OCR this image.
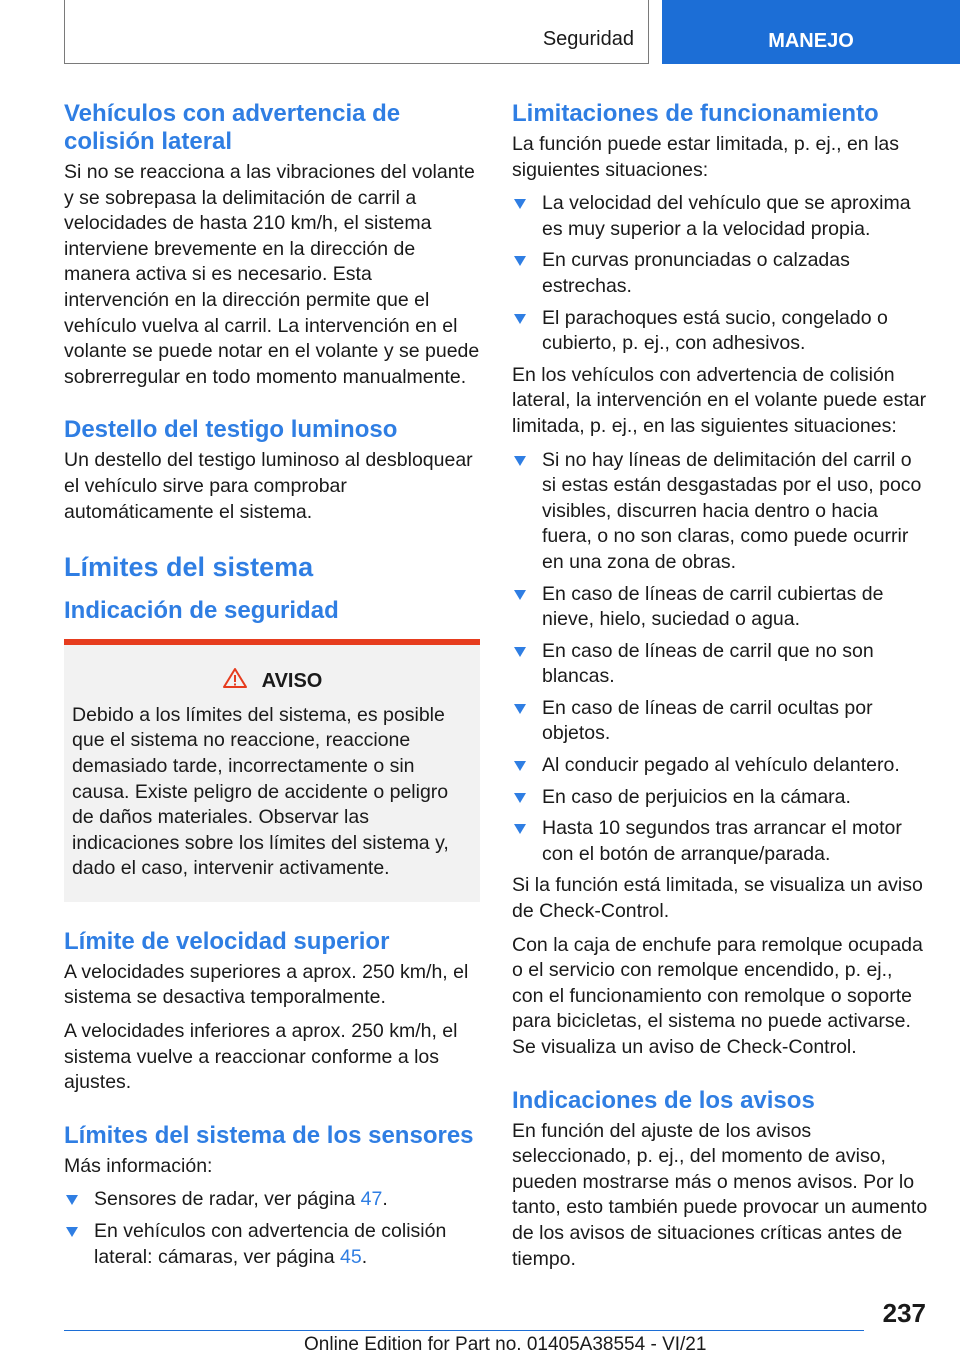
Seguridad	MANEJO
Vehículos con advertencia de colisión lateral

Si no se reacciona a las vibraciones del volante y se sobrepasa la delimitación de carril a velocidades de hasta 210 km/h, el sistema interviene brevemente en la dirección de manera activa si es necesario. Esta intervención en la dirección permite que el vehículo vuelva al carril. La intervención en el volante se puede notar en el volante y se puede sobrerregular en todo momento manualmente.

Destello del testigo luminoso

Un destello del testigo luminoso al desbloquear el vehículo sirve para comprobar automáticamente el sistema.

Límites del sistema
Indicación de seguridad
AVISO

Debido a los límites del sistema, es posible que el sistema no reaccione, reaccione demasiado tarde, incorrectamente o sin causa. Existe peligro de accidente o peligro de daños materiales. Observar las indicaciones sobre los límites del sistema y, dado el caso, intervenir activamente.

Límite de velocidad superior

A velocidades superiores a aprox. 250 km/h, el sistema se desactiva temporalmente.

A velocidades inferiores a aprox. 250 km/h, el sistema vuelve a reaccionar conforme a los ajustes.

Límites del sistema de los sensores

Más información:

Sensores de radar, ver página 47.
En vehículos con advertencia de colisión lateral: cámaras, ver página 45.
Limitaciones de funcionamiento

La función puede estar limitada, p. ej., en las siguientes situaciones:

La velocidad del vehículo que se aproxima es muy superior a la velocidad propia.
En curvas pronunciadas o calzadas estrechas.
El parachoques está sucio, congelado o cubierto, p. ej., con adhesivos.

En los vehículos con advertencia de colisión lateral, la intervención en el volante puede estar limitada, p. ej., en las siguientes situaciones:

Si no hay líneas de delimitación del carril o si estas están desgastadas por el uso, poco visibles, discurren hacia dentro o hacia fuera, o no son claras, como puede ocurrir en una zona de obras.
En caso de líneas de carril cubiertas de nieve, hielo, suciedad o agua.
En caso de líneas de carril que no son blancas.
En caso de líneas de carril ocultas por objetos.
Al conducir pegado al vehículo delantero.
En caso de perjuicios en la cámara.
Hasta 10 segundos tras arrancar el motor con el botón de arranque/parada.

Si la función está limitada, se visualiza un aviso de Check-Control.

Con la caja de enchufe para remolque ocupada o el servicio con remolque encendido, p. ej., con el funcionamiento con remolque o soporte para bicicletas, el sistema no puede activarse. Se visualiza un aviso de Check-Control.

Indicaciones de los avisos

En función del ajuste de los avisos seleccionado, p. ej., del momento de aviso, pueden mostrarse más o menos avisos. Por lo tanto, esto también puede provocar un aumento de los avisos de situaciones críticas antes de tiempo.

237
Online Edition for Part no. 01405A38554 - VI/21
